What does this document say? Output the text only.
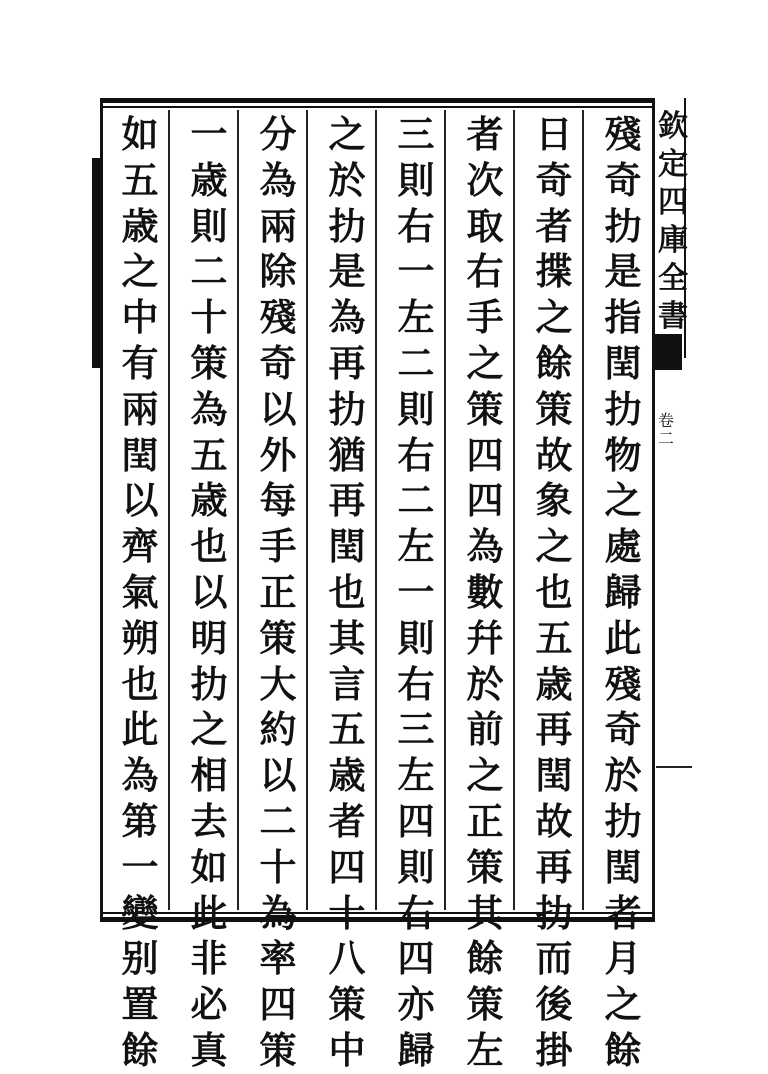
殘
奇
扐
是
指
閏
扐
物
之
處
歸
此
殘
奇
於
扐
閏
者
月
之
餘
日
奇
者
揲
之
餘
策
故
象
之
也
五
歳
再
閏
故
再
扐
而
後
掛
者
次
取
右
手
之
策
四
四
為
數
幷
於
前
之
正
策
其
餘
策
左
三
則
右
一
左
二
則
右
二
左
一
則
右
三
左
四
則
右
四
亦
歸
之
於
扐
是
為
再
扐
猶
再
閏
也
其
言
五
歳
者
四
十
八
策
中
分
為
兩
除
殘
奇
以
外
每
手
正
策
大
約
以
二
十
為
率
四
策
一
歳
則
二
十
策
為
五
歳
也
以
明
扐
之
相
去
如
此
非
必
真
如
五
歳
之
中
有
兩
閏
以
齊
氣
朔
也
此
為
第
一
變
别
置
餘
欽
定
四
庫
全
書
卷
二
